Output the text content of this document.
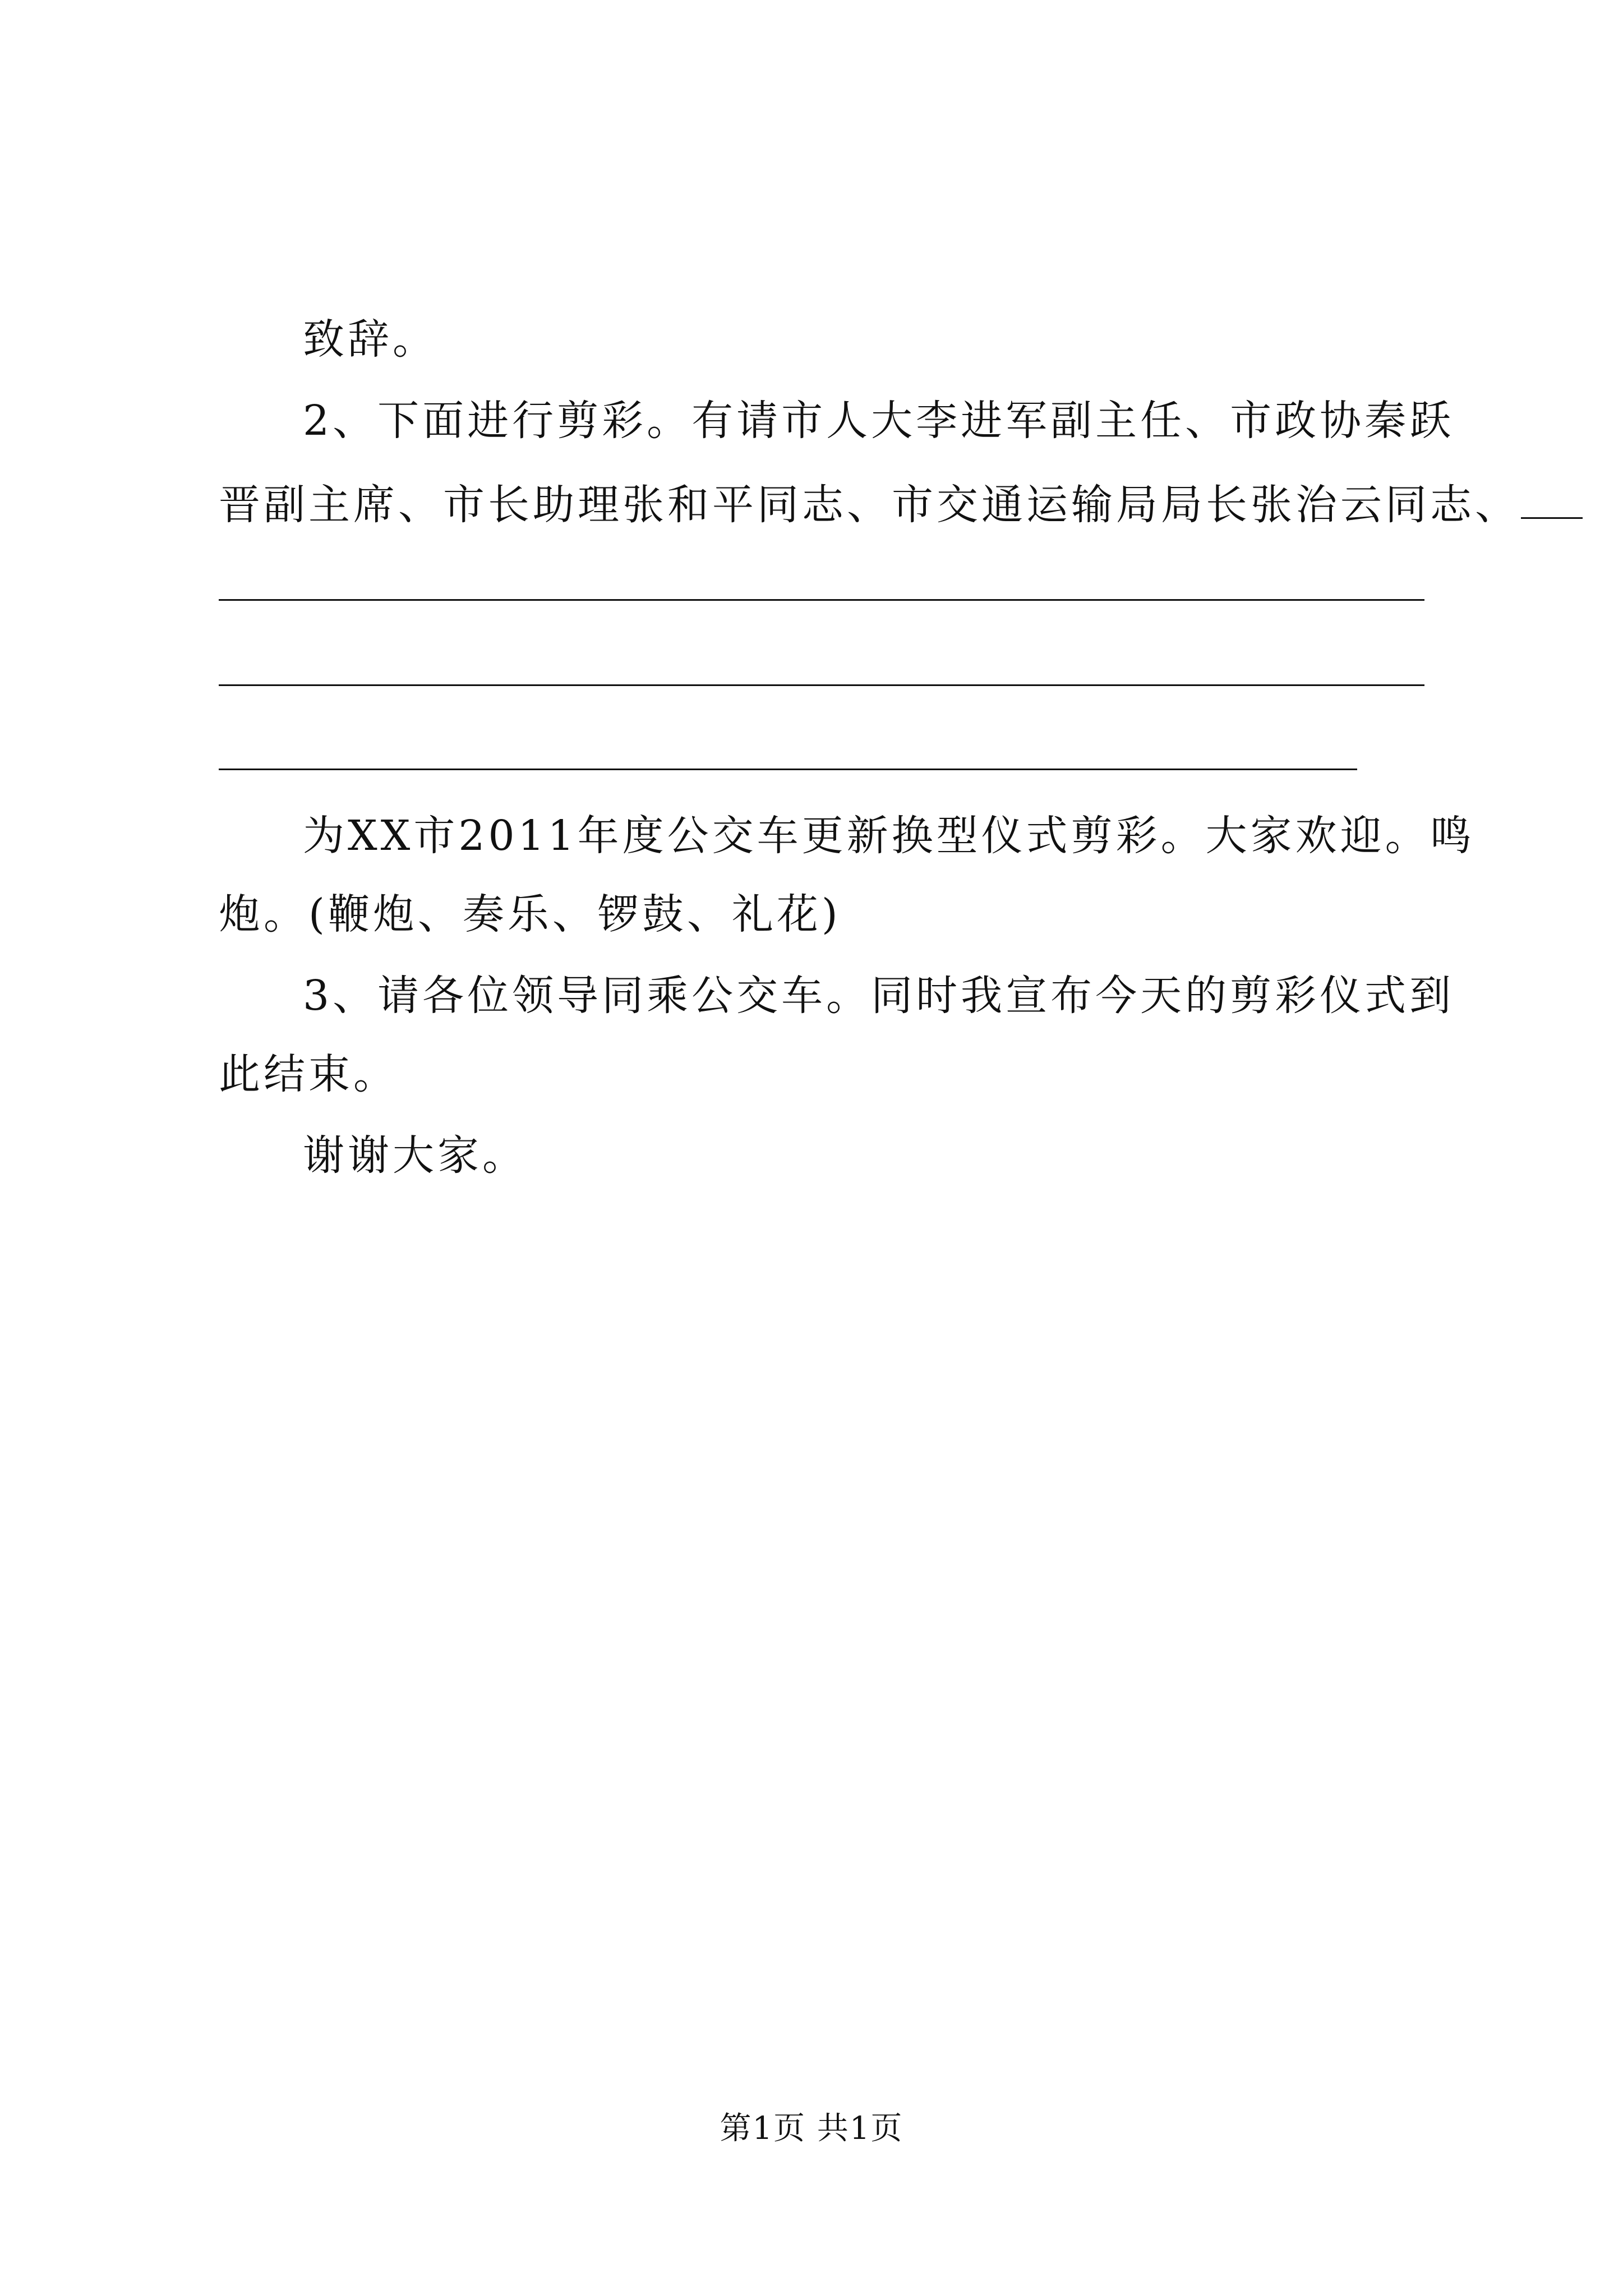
致辞。
2、下面进行剪彩。有请市人大李进军副主任、市政协秦跃
晋副主席、市长助理张和平同志、市交通运输局局长张治云同志、
为XX市2011年度公交车更新换型仪式剪彩。大家欢迎。鸣
炮。(鞭炮、奏乐、锣鼓、礼花)
3、请各位领导同乘公交车。同时我宣布今天的剪彩仪式到
此结束。
谢谢大家。
第1页 共1页
